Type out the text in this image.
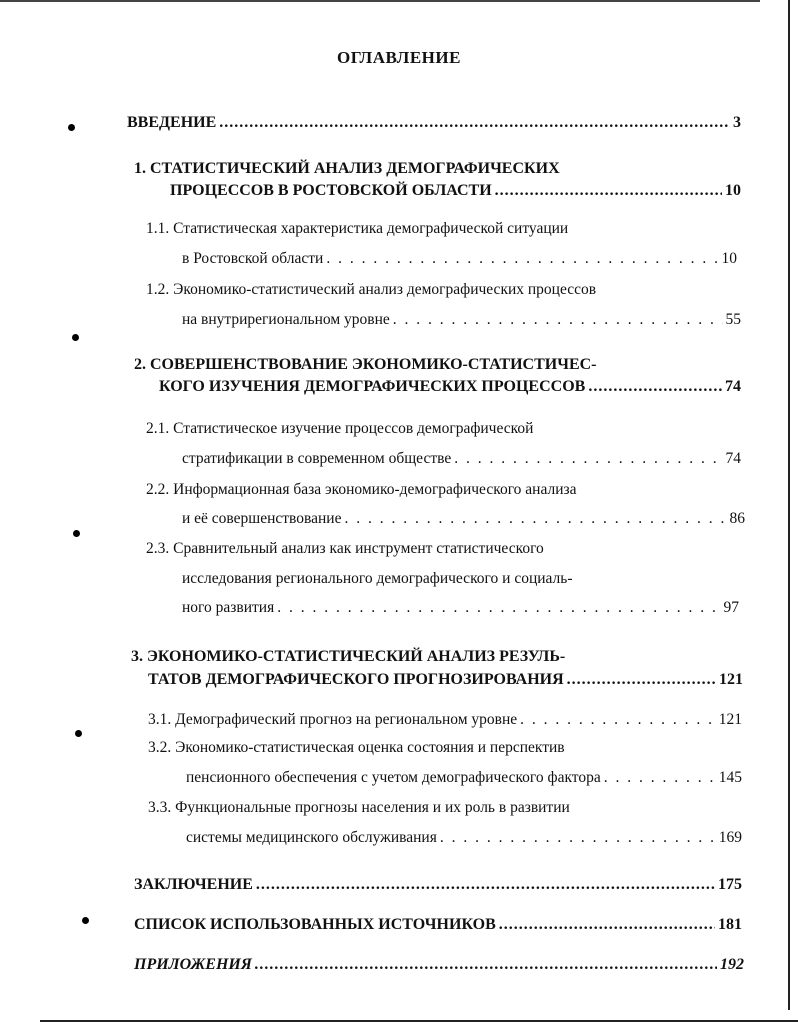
ОГЛАВЛЕНИЕ
ВВЕДЕНИЕ .....	3
1. СТАТИСТИЧЕСКИЙ АНАЛИЗ ДЕМОГРАФИЧЕСКИХ
ПРОЦЕССОВ В РОСТОВСКОЙ ОБЛАСТИ .....	10
1.1. Статистическая характеристика демографической ситуации
в Ростовской области . . .	10
1.2. Экономико-статистический анализ демографических процессов
на внутрирегиональном уровне . . .	55
2. СОВЕРШЕНСТВОВАНИЕ ЭКОНОМИКО-СТАТИСТИЧЕС-
КОГО ИЗУЧЕНИЯ ДЕМОГРАФИЧЕСКИХ ПРОЦЕССОВ .....	74
2.1. Статистическое изучение процессов демографической
стратификации в современном обществе . . .	74
2.2. Информационная база экономико-демографического анализа
и её совершенствование . . .	86
2.3. Сравнительный анализ как инструмент статистического
исследования регионального демографического и социаль-
ного развития . . .	97
3. ЭКОНОМИКО-СТАТИСТИЧЕСКИЙ АНАЛИЗ РЕЗУЛЬ-
ТАТОВ ДЕМОГРАФИЧЕСКОГО ПРОГНОЗИРОВАНИЯ .....	121
3.1. Демографический прогноз на региональном уровне . . .	121
3.2. Экономико-статистическая оценка состояния и перспектив
пенсионного обеспечения с учетом демографического фактора . . .	145
3.3. Функциональные прогнозы населения и их роль в развитии
системы медицинского обслуживания . . .	169
ЗАКЛЮЧЕНИЕ .....	175
СПИСОК ИСПОЛЬЗОВАННЫХ ИСТОЧНИКОВ .....	181
ПРИЛОЖЕНИЯ .....	192
